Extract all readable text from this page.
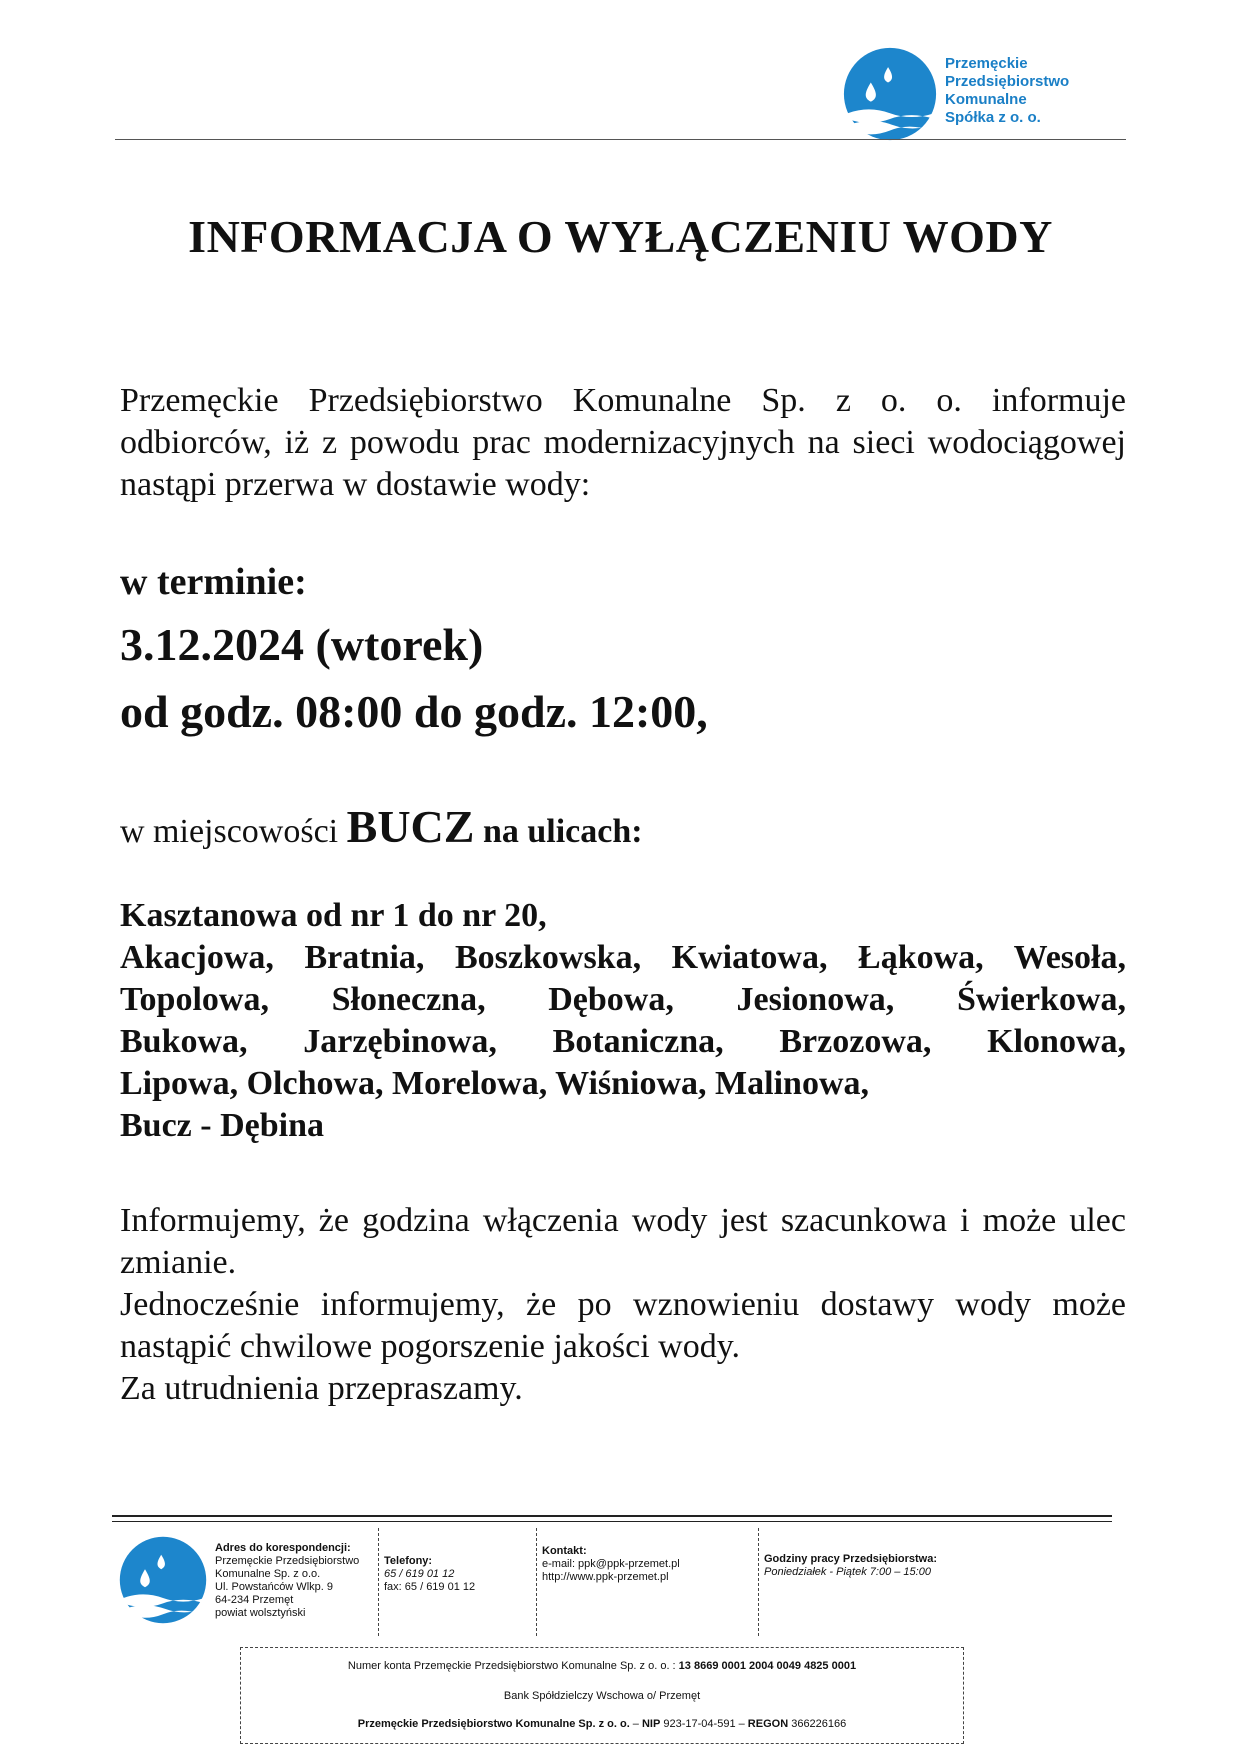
Przemęckie
Przedsiębiorstwo
Komunalne
Spółka z o. o.
INFORMACJA O WYŁĄCZENIU WODY
Przemęckie Przedsiębiorstwo Komunalne Sp. z o. o. informuje odbiorców, iż z powodu prac modernizacyjnych na sieci wodociągowej nastąpi przerwa w dostawie wody:
w terminie:
3.12.2024 (wtorek)
od godz. 08:00 do godz. 12:00,
w miejscowości BUCZ na ulicach:
Kasztanowa od nr 1 do nr 20,
Akacjowa, Bratnia, Boszkowska, Kwiatowa, Łąkowa, Wesoła,
Topolowa, Słoneczna, Dębowa, Jesionowa, Świerkowa,
Bukowa, Jarzębinowa, Botaniczna, Brzozowa, Klonowa,
Lipowa, Olchowa, Morelowa, Wiśniowa, Malinowa,
Bucz - Dębina
Informujemy, że godzina włączenia wody jest szacunkowa i może ulec zmianie.
Jednocześnie informujemy, że po wznowieniu dostawy wody może nastąpić chwilowe pogorszenie jakości wody.
Za utrudnienia przepraszamy.
Adres do korespondencji:
Przemęckie Przedsiębiorstwo
Komunalne Sp. z o.o.
Ul. Powstańców Wlkp. 9
64-234 Przemęt
powiat wolsztyński
Telefony:
65 / 619 01 12
fax: 65 / 619 01 12
Kontakt:
e-mail: ppk@ppk-przemet.pl
http://www.ppk-przemet.pl
Godziny pracy Przedsiębiorstwa:
Poniedziałek - Piątek 7:00 – 15:00
Numer konta Przemęckie Przedsiębiorstwo Komunalne Sp. z o. o. : 13 8669 0001 2004 0049 4825 0001
Bank Spółdzielczy Wschowa o/ Przemęt
Przemęckie Przedsiębiorstwo Komunalne Sp. z o. o. – NIP 923-17-04-591 – REGON 366226166
